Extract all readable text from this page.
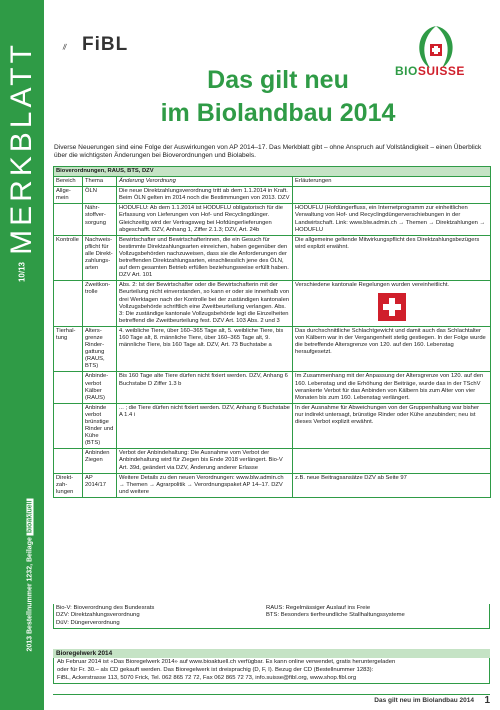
MERKBLATT
10/13
2013 Bestellnummer 1232, Beilage bioaktuell
FiBL
BIOSUISSE
Das gilt neu
im Biolandbau 2014
Diverse Neuerungen sind eine Folge der Auswirkungen von AP 2014–17. Das Merkblatt gibt – ohne Anspruch auf Vollständigkeit – einen Überblick über die wichtigsten Änderungen bei Bioverordnungen und Biolabels.
Bioverordnungen, RAUS, BTS, DZV			
Bereich	Thema	Änderung Verordnung	Erläuterungen
Allgemein	ÖLN	Die neue Direktzahlungsverordnung tritt ab dem 1.1.2014 in Kraft. Beim ÖLN gelten im 2014 noch die Bestimmungen von 2013. DZV	
	Nährstoffversorgung	HODUFLU: Ab dem 1.1.2014 ist HODUFLU obligatorisch für die Erfassung von Lieferungen von Hof- und Recyclingdünger. Gleichzeitig wird der Vertragsweg bei Hofdüngerlieferungen abgeschafft. DZV, Anhang 1, Ziffer 2.1.3; DZV, Art. 24b	HODUFLU (Hofdüngerfluss, ein Internetprogramm zur einheitlichen Verwaltung von Hof- und Recyclingdüngerverschiebungen in der Landwirtschaft. Link: www.blw.admin.ch → Themen → Direktzahlungen → HODUFLU
Kontrolle	Nachweispflicht für alle Direktzahlungsarten	Bewirtschafter und Bewirtschafterinnen, die ein Gesuch für bestimmte Direktzahlungsarten einreichen, haben gegenüber den Vollzugsbehörden nachzuweisen, dass sie die Anforderungen der betreffenden Direktzahlungsarten, einschliesslich jene des ÖLN, auf dem gesamten Betrieb erfüllen beziehungsweise erfüllt haben. DZV Art. 101	Die allgemeine geltende Mitwirkungspflicht des Direktzahlungsbezügers wird explizit erwähnt.
	Zweitkontrolle	Abs. 2: Ist der Bewirtschafter oder die Bewirtschafterin mit der Beurteilung nicht einverstanden, so kann er oder sie innerhalb von drei Werktagen nach der Kontrolle bei der zuständigen kantonalen Vollzugsbehörde schriftlich eine Zweitbeurteilung verlangen. Abs. 3: Die zuständige kantonale Vollzugsbehörde legt die Einzelheiten betreffend die Zweitbeurteilung fest. DZV Art. 103 Abs. 2 und 3	Verschiedene kantonale Regelungen wurden vereinheitlicht.

Tierhaltung	Altersgrenze Rindergattung (RAUS, BTS)	4. weibliche Tiere, über 160–365 Tage alt, 5. weibliche Tiere, bis 160 Tage alt, 8. männliche Tiere, über 160–365 Tage alt, 9. männliche Tiere, bis 160 Tage alt. DZV, Art. 73 Buchstabe a	Das durchschnittliche Schlachtgewicht und damit auch das Schlachtalter von Kälbern war in der Vergangenheit stetig gestiegen. In der Folge wurde die betreffende Altersgrenze von 120. auf den 160. Lebenstag heraufgesetzt.
	Anbindeverbot Kälber (RAUS)	Bis 160 Tage alte Tiere dürfen nicht fixiert werden. DZV, Anhang 6 Buchstabe D Ziffer 1.3 b	Im Zusammenhang mit der Anpassung der Altersgrenze von 120. auf den 160. Lebenstag und die Erhöhung der Beiträge, wurde das in der TSchV verankerte Verbot für das Anbinden von Kälbern bis zum Alter von vier Monaten bis zum 160. Lebenstag verlängert.
	Anbinde verbot brünstige Rinder und Kühe (BTS)	... ; die Tiere dürfen nicht fixiert werden. DZV, Anhang 6 Buchstabe A 1.4 i	In der Ausnahme für Abweichungen von der Gruppenhaltung war bisher nur indirekt untersagt, brünstige Rinder oder Kühe anzubinden; neu ist dieses Verbot explizit erwähnt.
	Anbinden Ziegen	Verbot der Anbindehaltung: Die Ausnahme vom Verbot der Anbindehaltung wird für Ziegen bis Ende 2018 verlängert. Bio-V Art. 39d, geändert via DZV, Änderung anderer Erlasse	
Direktzahlungen	AP 2014/17	Weitere Details zu den neuen Verordnungen: www.blw.admin.ch → Themen → Agrarpolitik → Verordnungspaket AP 14–17. DZV und weitere	z.B. neue Beitragsansätze DZV ab Seite 97
Bio-V: Bioverordnung des Bundesrats	RAUS: Regelmässiger Auslauf ins Freie
DZV: Direktzahlungsverordnung	BTS: Besonders tierfreundliche Stallhaltungssysteme
DüV: Düngerverordnung
Bioregelwerk 2014
Ab Februar 2014 ist «Das Bioregelwerk 2014» auf www.bioaktuell.ch verfügbar. Es kann online verwendet, gratis heruntergeladen
oder für Fr. 30.– als CD gekauft werden. Das Bioregelwerk ist dreisprachig (D, F, I). Bezug der CD (Bestellnummer 1283):
FiBL, Ackerstrasse 113, 5070 Frick, Tel. 062 865 72 72, Fax 062 865 72 73, info.suisse@fibl.org, www.shop.fibl.org
Das gilt neu im Biolandbau 2014 1
